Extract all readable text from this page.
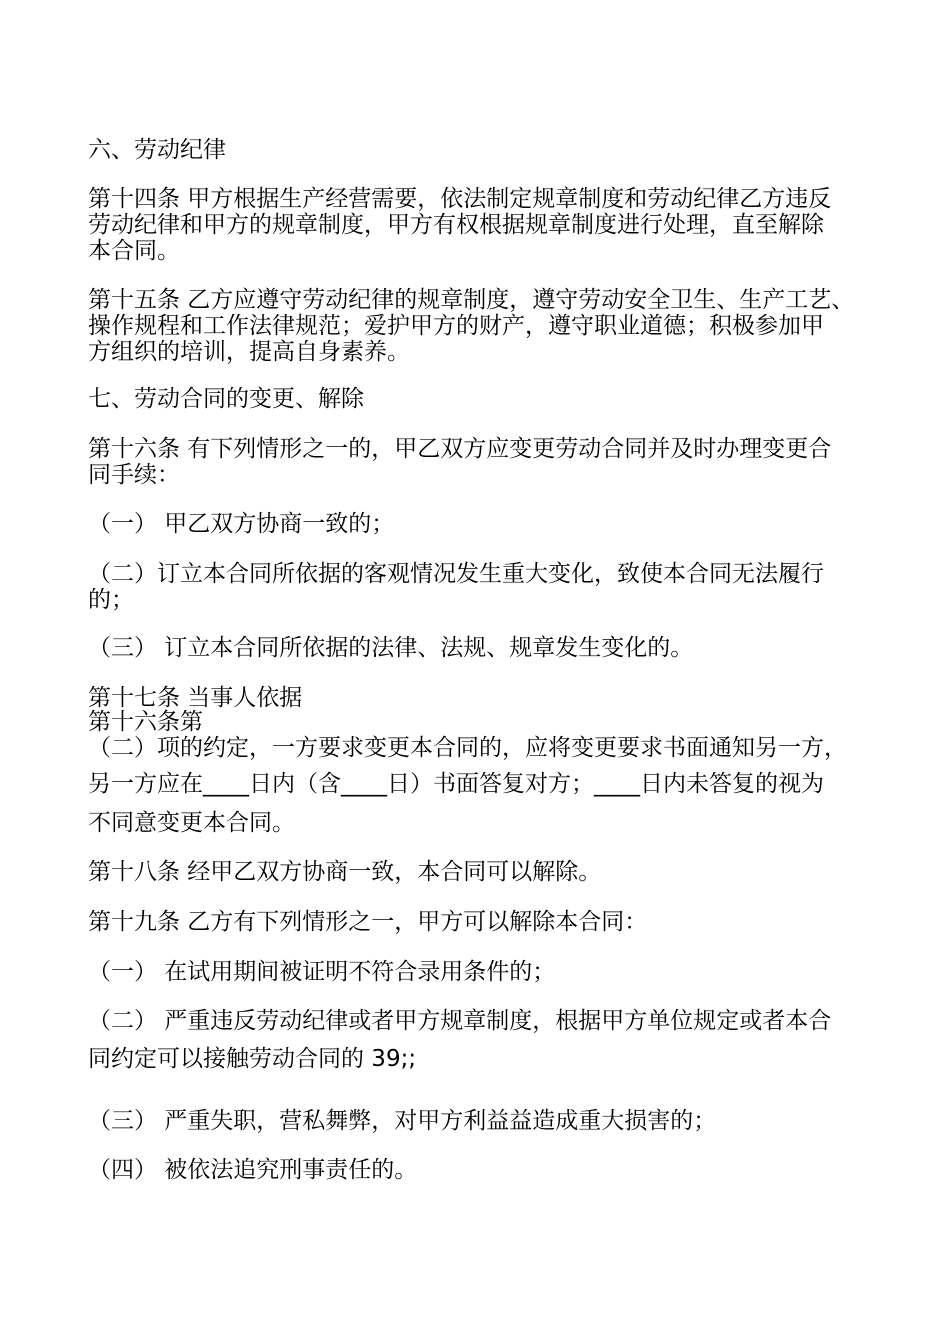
六、劳动纪律
第十四条 甲方根据生产经营需要，依法制定规章制度和劳动纪律乙方违反
劳动纪律和甲方的规章制度，甲方有权根据规章制度进行处理，直至解除
本合同。
第十五条 乙方应遵守劳动纪律的规章制度，遵守劳动安全卫生、生产工艺、
操作规程和工作法律规范；爱护甲方的财产，遵守职业道德；积极参加甲
方组织的培训，提高自身素养。
七、劳动合同的变更、解除
第十六条 有下列情形之一的，甲乙双方应变更劳动合同并及时办理变更合
同手续：
（一） 甲乙双方协商一致的；
（二）订立本合同所依据的客观情况发生重大变化，致使本合同无法履行
的；
（三） 订立本合同所依据的法律、法规、规章发生变化的。
第十七条 当事人依据
第十六条第
（二）项的约定，一方要求变更本合同的，应将变更要求书面通知另一方，
另一方应在____日内（含____日）书面答复对方；____日内未答复的视为
不同意变更本合同。
第十八条 经甲乙双方协商一致，本合同可以解除。
第十九条 乙方有下列情形之一，甲方可以解除本合同：
（一） 在试用期间被证明不符合录用条件的；
（二） 严重违反劳动纪律或者甲方规章制度，根据甲方单位规定或者本合
同约定可以接触劳动合同的 39;;
（三） 严重失职，营私舞弊，对甲方利益益造成重大损害的；
（四） 被依法追究刑事责任的。
